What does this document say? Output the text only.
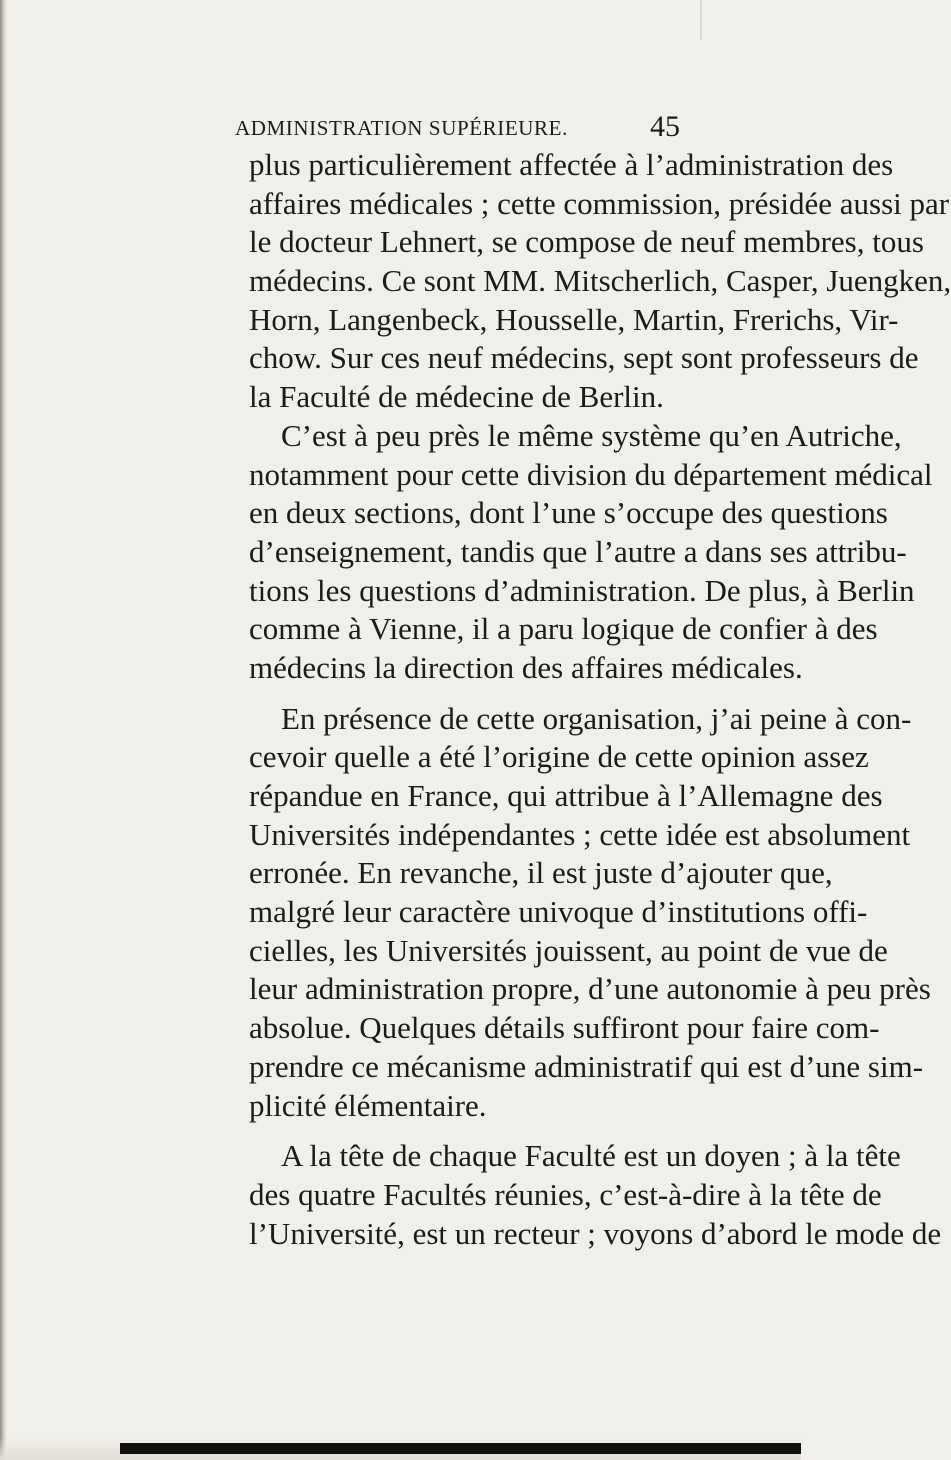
ADMINISTRATION SUPÉRIEURE.	45
plus particulièrement affectée à l’administration des
affaires médicales ; cette commission, présidée aussi par
le docteur Lehnert, se compose de neuf membres, tous
médecins. Ce sont MM. Mitscherlich, Casper, Juengken,
Horn, Langenbeck, Housselle, Martin, Frerichs, Vir-
chow. Sur ces neuf médecins, sept sont professeurs de
la Faculté de médecine de Berlin.
C’est à peu près le même système qu’en Autriche,
notamment pour cette division du département médical
en deux sections, dont l’une s’occupe des questions
d’enseignement, tandis que l’autre a dans ses attribu-
tions les questions d’administration. De plus, à Berlin
comme à Vienne, il a paru logique de confier à des
médecins la direction des affaires médicales.
En présence de cette organisation, j’ai peine à con-
cevoir quelle a été l’origine de cette opinion assez
répandue en France, qui attribue à l’Allemagne des
Universités indépendantes ; cette idée est absolument
erronée. En revanche, il est juste d’ajouter que,
malgré leur caractère univoque d’institutions offi-
cielles, les Universités jouissent, au point de vue de
leur administration propre, d’une autonomie à peu près
absolue. Quelques détails suffiront pour faire com-
prendre ce mécanisme administratif qui est d’une sim-
plicité élémentaire.
A la tête de chaque Faculté est un doyen ; à la tête
des quatre Facultés réunies, c’est-à-dire à la tête de
l’Université, est un recteur ; voyons d’abord le mode de
